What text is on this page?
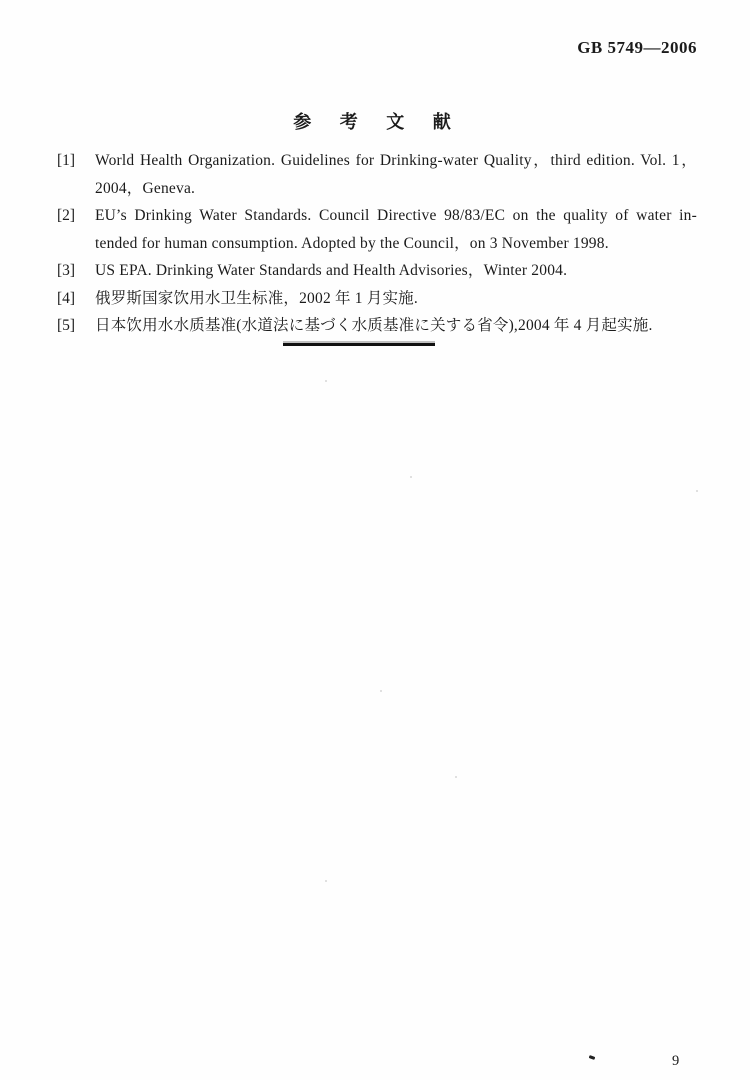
GB 5749—2006
参 考 文 献
[1]	World Health Organization. Guidelines for Drinking-water Quality，third edition. Vol. 1，
2004，Geneva.
[2]	EU’s Drinking Water Standards. Council Directive 98/83/EC on the quality of water in-
tended for human consumption. Adopted by the Council，on 3 November 1998.
[3]	US EPA. Drinking Water Standards and Health Advisories，Winter 2004.
[4]	俄罗斯国家饮用水卫生标准，2002 年 1 月实施.
[5]	日本饮用水水质基准(水道法に基づく水质基准に关する省令),2004 年 4 月起实施.
9
